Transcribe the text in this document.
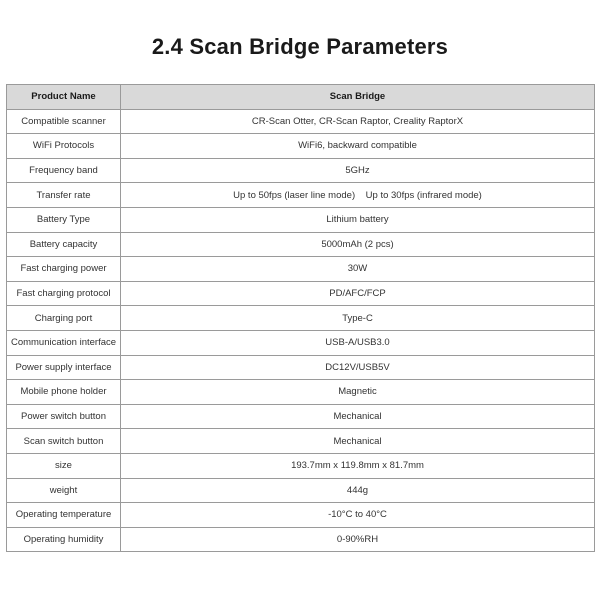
2.4 Scan Bridge Parameters
Product Name	Scan Bridge
Compatible scanner	CR-Scan Otter, CR-Scan Raptor, Creality RaptorX
WiFi Protocols	WiFi6, backward compatible
Frequency band	5GHz
Transfer rate	Up to 50fps (laser line mode)    Up to 30fps (infrared mode)
Battery Type	Lithium battery
Battery capacity	5000mAh (2 pcs)
Fast charging power	30W
Fast charging protocol	PD/AFC/FCP
Charging port	Type-C
Communication interface	USB-A/USB3.0
Power supply interface	DC12V/USB5V
Mobile phone holder	Magnetic
Power switch button	Mechanical
Scan switch button	Mechanical
size	193.7mm x 119.8mm x 81.7mm
weight	444g
Operating temperature	-10°C to 40°C
Operating humidity	0-90%RH
